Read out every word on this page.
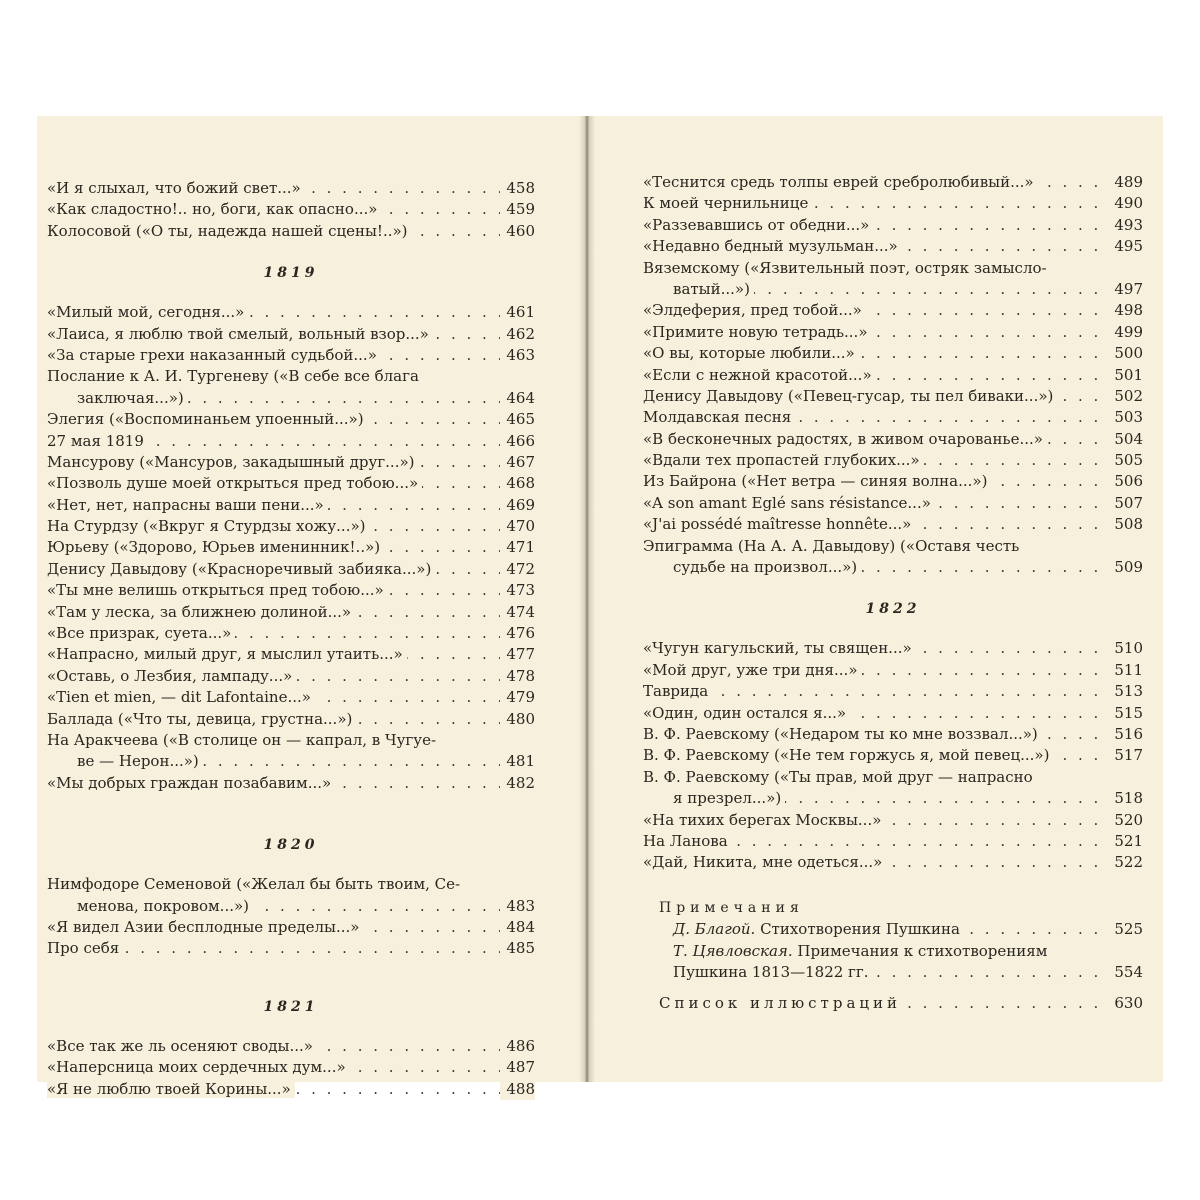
. . . «И я слыхал, что божий свет...»	458
. . . «Как сладостно!.. но, боги, как опасно...»	459
. . . Колосовой («О ты, надежда нашей сцены!..»)	460
1819
. . . «Милый мой, сегодня...»	461
. . . «Лаиса, я люблю твой смелый, вольный взор...»	462
. . . «За старые грехи наказанный судьбой...»	463
Послание к А. И. Тургеневу («В себе все блага
. . . заключая...»)	464
. . . Элегия («Воспоминаньем упоенный...»)	465
. . . 27 мая 1819	466
. . . Мансурову («Мансуров, закадышный друг...»)	467
. . . «Позволь душе моей открыться пред тобою...»	468
. . . «Нет, нет, напрасны ваши пени...»	469
. . . На Стурдзу («Вкруг я Стурдзы хожу...»)	470
. . . Юрьеву («Здорово, Юрьев именинник!..»)	471
. . . Денису Давыдову («Красноречивый забияка...»)	472
. . . «Ты мне велишь открыться пред тобою...»	473
. . . «Там у леска, за ближнею долиной...»	474
. . . «Все призрак, суета...»	476
. . . «Напрасно, милый друг, я мыслил утаить...»	477
. . . «Оставь, о Лезбия, лампаду...»	478
. . . «Tien et mien, — dit Lafontaine...»	479
. . . Баллада («Что ты, девица, грустна...»)	480
На Аракчеева («В столице он — капрал, в Чугуе-
. . . ве — Нерон...»)	481
. . . «Мы добрых граждан позабавим...»	482
1820
Нимфодоре Семеновой («Желал бы быть твоим, Се-
. . . менова, покровом...»)	483
. . . «Я видел Азии бесплодные пределы...»	484
. . . Про себя	485
1821
. . . «Все так же ль осеняют своды...»	486
. . . «Наперсница моих сердечных дум...»	487
. . . «Я не люблю твоей Корины...»	488
. . . «Теснится средь толпы еврей сребролюбивый...»	489
. . . К моей чернильнице	490
. . . «Раззевавшись от обедни...»	493
. . . «Недавно бедный музульман...»	495
Вяземскому («Язвительный поэт, остряк замысло-
. . . ватый...»)	497
. . . «Элдеферия, пред тобой...»	498
. . . «Примите новую тетрадь...»	499
. . . «О вы, которые любили...»	500
. . . «Если с нежной красотой...»	501
. . . Денису Давыдову («Певец-гусар, ты пел биваки...»)	502
. . . Молдавская песня	503
. . . «В бесконечных радостях, в живом очарованье...»	504
. . . «Вдали тех пропастей глубоких...»	505
. . . Из Байрона («Нет ветра — синяя волна...»)	506
. . . «A son amant Eglé sans résistance...»	507
. . . «J'ai possédé maîtresse honnête...»	508
Эпиграмма (На А. А. Давыдову) («Оставя честь
. . . судьбе на произвол...»)	509
1822
. . . «Чугун кагульский, ты священ...»	510
. . . «Мой друг, уже три дня...»	511
. . . Таврида	513
. . . «Один, один остался я...»	515
. . . В. Ф. Раевскому («Недаром ты ко мне воззвал...»)	516
. . . В. Ф. Раевскому («Не тем горжусь я, мой певец...»)	517
В. Ф. Раевскому («Ты прав, мой друг — напрасно
. . . я презрел...»)	518
. . . «На тихих берегах Москвы...»	520
. . . На Ланова	521
. . . «Дай, Никита, мне одеться...»	522
Примечания
. . . Д. Благой. Стихотворения Пушкина	525
Т. Цявловская. Примечания к стихотворениям
. . . Пушкина 1813—1822 гг.	554
. . . Список иллюстраций	630
